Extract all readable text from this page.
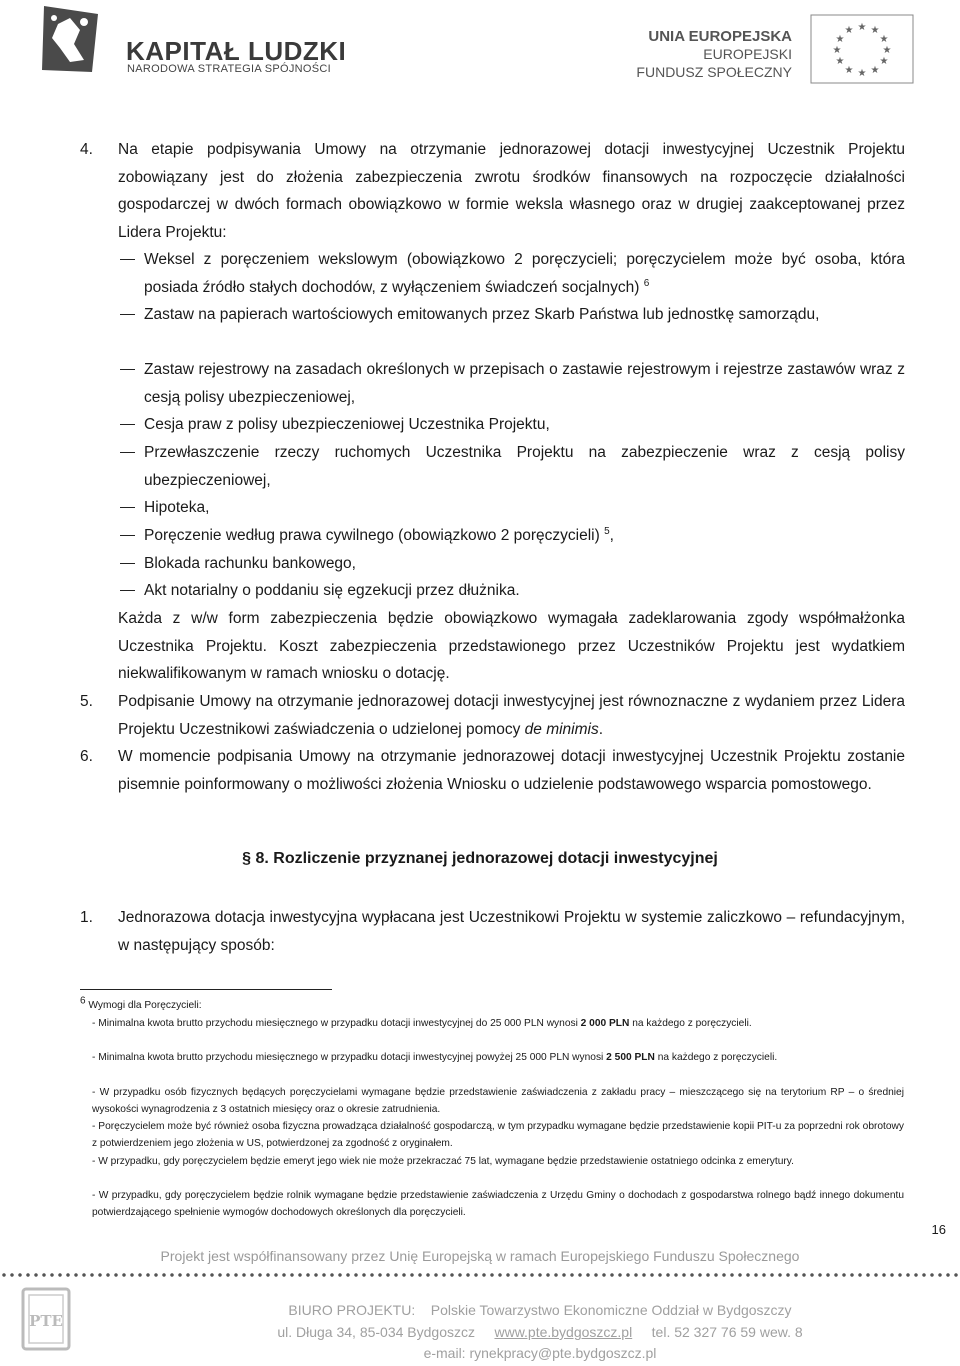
KAPITAŁ LUDZKI
NARODOWA STRATEGIA SPÓJNOŚCI
UNIA EUROPEJSKA
EUROPEJSKI
FUNDUSZ SPOŁECZNY
★ ★
★
★
★
★
★
★
★
★
★
★
4. Na etapie podpisywania Umowy na otrzymanie jednorazowej dotacji inwestycyjnej Uczestnik Projektu zobowiązany jest do złożenia zabezpieczenia zwrotu środków finansowych na rozpoczęcie działalności gospodarczej w dwóch formach obowiązkowo w formie weksla własnego oraz w drugiej zaakceptowanej przez Lidera Projektu:
Weksel z poręczeniem wekslowym (obowiązkowo 2 poręczycieli; poręczycielem może być osoba, która posiada źródło stałych dochodów, z wyłączeniem świadczeń socjalnych) $^6$
Zastaw na papierach wartościowych emitowanych przez Skarb Państwa lub jednostkę samorządu,
Zastaw rejestrowy na zasadach określonych w przepisach o zastawie rejestrowym i rejestrze zastawów wraz z cesją polisy ubezpieczeniowej,
Cesja praw z polisy ubezpieczeniowej Uczestnika Projektu,
Przewłaszczenie rzeczy ruchomych Uczestnika Projektu na zabezpieczenie wraz z cesją polisy ubezpieczeniowej,
Hipoteka,
Poręczenie według prawa cywilnego (obowiązkowo 2 poręczycieli) $^5$,
Blokada rachunku bankowego,
Akt notarialny o poddaniu się egzekucji przez dłużnika.
Każda z w/w form zabezpieczenia będzie obowiązkowo wymagała zadeklarowania zgody współmałżonka Uczestnika Projektu. Koszt zabezpieczenia przedstawionego przez Uczestników Projektu jest wydatkiem niekwalifikowanym w ramach wniosku o dotację.
5. Podpisanie Umowy na otrzymanie jednorazowej dotacji inwestycyjnej jest równoznaczne z wydaniem przez Lidera Projektu Uczestnikowi zaświadczenia o udzielonej pomocy de minimis.
6. W momencie podpisania Umowy na otrzymanie jednorazowej dotacji inwestycyjnej Uczestnik Projektu zostanie pisemnie poinformowany o możliwości złożenia Wniosku o udzielenie podstawowego wsparcia pomostowego.
§ 8. Rozliczenie przyznanej jednorazowej dotacji inwestycyjnej
1. Jednorazowa dotacja inwestycyjna wypłacana jest Uczestnikowi Projektu w systemie zaliczkowo – refundacyjnym, w następujący sposób:
$^6$ Wymogi dla Poręczycieli:
- Minimalna kwota brutto przychodu miesięcznego w przypadku dotacji inwestycyjnej do 25 000 PLN wynosi 2 000 PLN na każdego z poręczycieli.
- Minimalna kwota brutto przychodu miesięcznego w przypadku dotacji inwestycyjnej powyżej 25 000 PLN wynosi 2 500 PLN na każdego z poręczycieli.
- W przypadku osób fizycznych będących poręczycielami wymagane będzie przedstawienie zaświadczenia z zakładu pracy – mieszczącego się na terytorium RP – o średniej wysokości wynagrodzenia z 3 ostatnich miesięcy oraz o okresie zatrudnienia.
- Poręczycielem może być również osoba fizyczna prowadząca działalność gospodarczą, w tym przypadku wymagane będzie przedstawienie kopii PIT-u za poprzedni rok obrotowy z potwierdzeniem jego złożenia w US, potwierdzonej za zgodność z oryginałem.
- W przypadku, gdy poręczycielem będzie emeryt jego wiek nie może przekraczać 75 lat, wymagane będzie przedstawienie ostatniego odcinka z emerytury.
- W przypadku, gdy poręczycielem będzie rolnik wymagane będzie przedstawienie zaświadczenia z Urzędu Gminy o dochodach z gospodarstwa rolnego bądź innego dokumentu potwierdzającego spełnienie wymogów dochodowych określonych dla poręczycieli.
16
Projekt jest współfinansowany przez Unię Europejską w ramach Europejskiego Funduszu Społecznego
PTE
BIURO PROJEKTU: Polskie Towarzystwo Ekonomiczne Oddział w Bydgoszczy
ul. Długa 34, 85-034 Bydgoszcz www.pte.bydgoszcz.pl tel. 52 327 76 59 wew. 8
e-mail: rynekpracy@pte.bydgoszcz.pl
